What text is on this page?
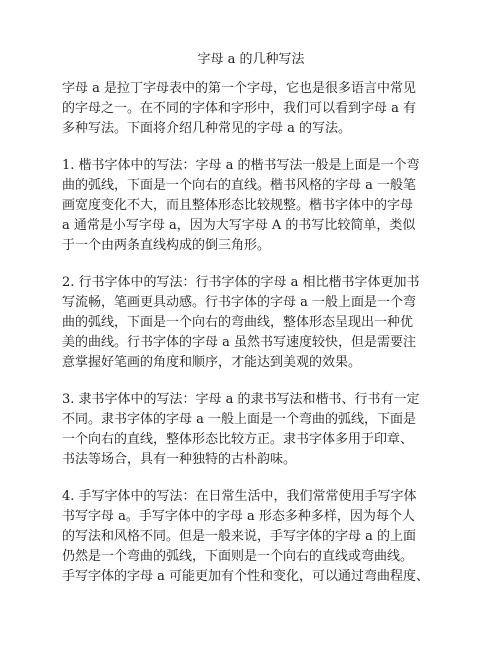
字母 a 的几种写法

字母 a 是拉丁字母表中的第一个字母，它也是很多语言中常见

的字母之一。在不同的字体和字形中，我们可以看到字母 a 有

多种写法。下面将介绍几种常见的字母 a 的写法。

1. 楷书字体中的写法：字母 a 的楷书写法一般是上面是一个弯

曲的弧线，下面是一个向右的直线。楷书风格的字母 a 一般笔

画宽度变化不大，而且整体形态比较规整。楷书字体中的字母

a 通常是小写字母 a，因为大写字母 A 的书写比较简单，类似

于一个由两条直线构成的倒三角形。

2. 行书字体中的写法：行书字体的字母 a 相比楷书字体更加书

写流畅，笔画更具动感。行书字体的字母 a 一般上面是一个弯

曲的弧线，下面是一个向右的弯曲线，整体形态呈现出一种优

美的曲线。行书字体的字母 a 虽然书写速度较快，但是需要注

意掌握好笔画的角度和顺序，才能达到美观的效果。

3. 隶书字体中的写法：字母 a 的隶书写法和楷书、行书有一定

不同。隶书字体的字母 a 一般上面是一个弯曲的弧线，下面是

一个向右的直线，整体形态比较方正。隶书字体多用于印章、

书法等场合，具有一种独特的古朴韵味。

4. 手写字体中的写法：在日常生活中，我们常常使用手写字体

书写字母 a。手写字体中的字母 a 形态多种多样，因为每个人

的写法和风格不同。但是一般来说，手写字体的字母 a 的上面

仍然是一个弯曲的弧线，下面则是一个向右的直线或弯曲线。

手写字体的字母 a 可能更加有个性和变化，可以通过弯曲程度、
